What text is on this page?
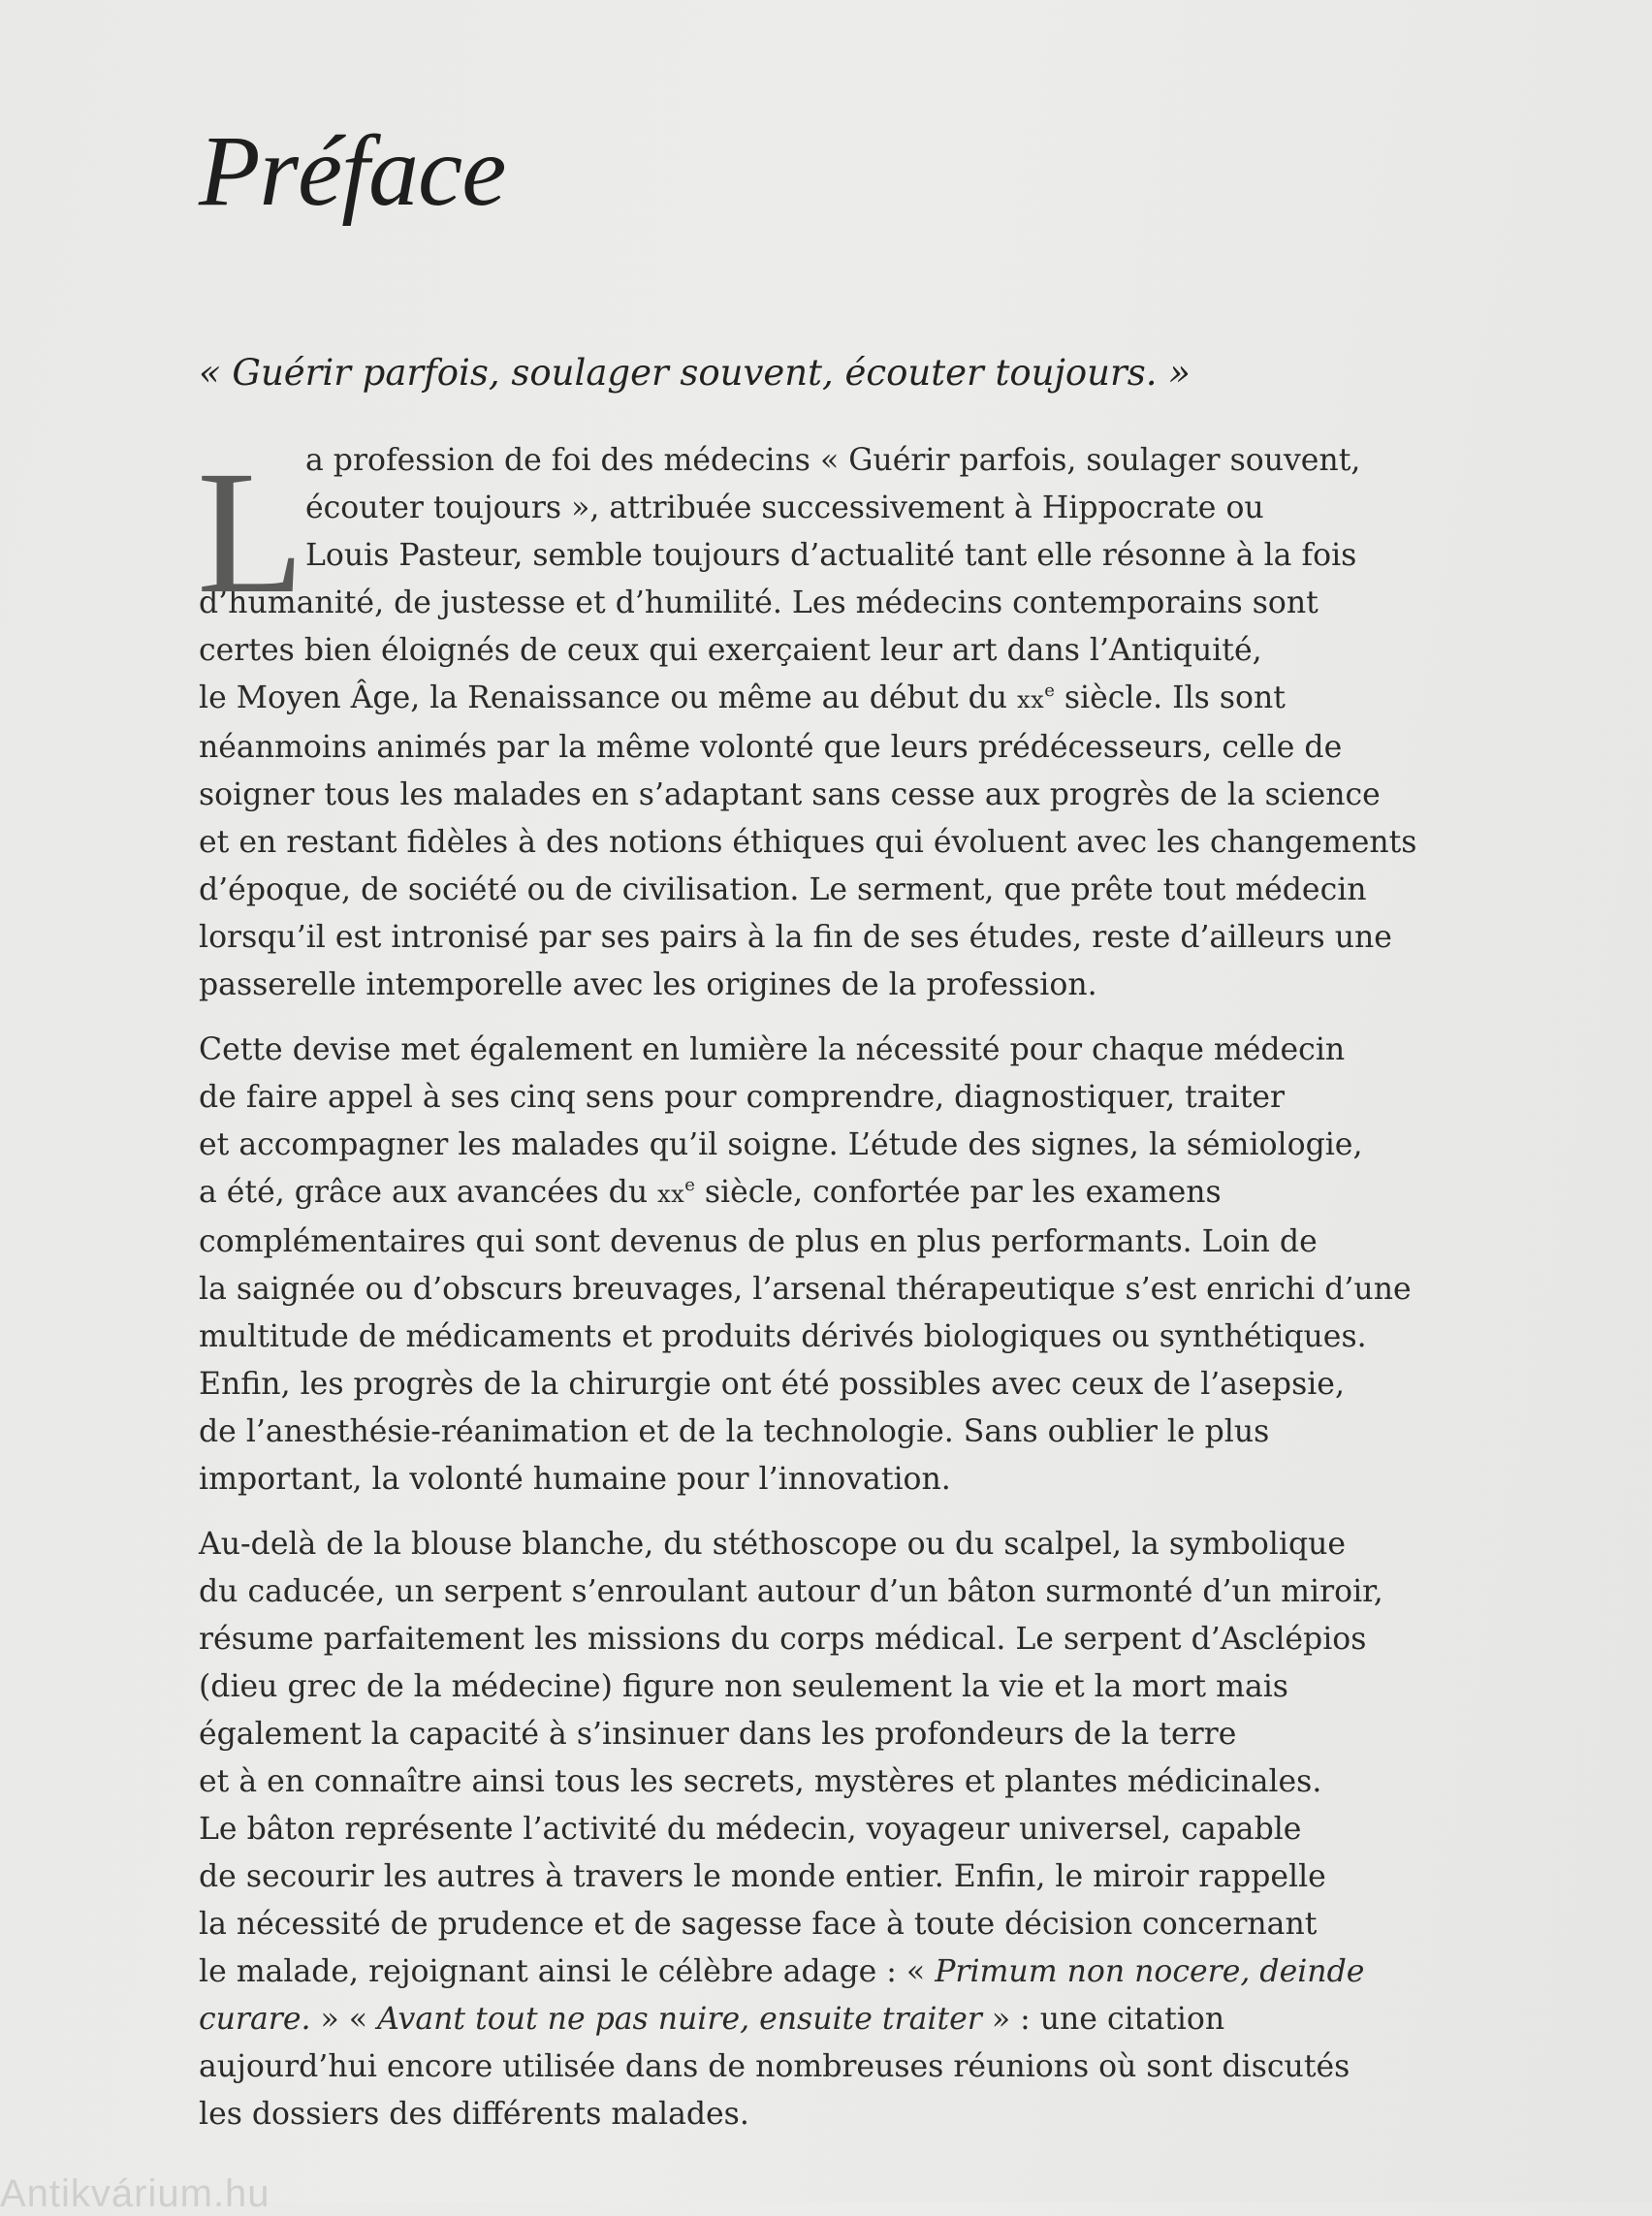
Préface
« Guérir parfois, soulager souvent, écouter toujours. »
L a profession de foi des médecins « Guérir parfois, soulager souvent,
écouter toujours », attribuée successivement à Hippocrate ou
Louis Pasteur, semble toujours d’actualité tant elle résonne à la fois
d’humanité, de justesse et d’humilité. Les médecins contemporains sont
certes bien éloignés de ceux qui exerçaient leur art dans l’Antiquité,
le Moyen Âge, la Renaissance ou même au début du $xx^e$ siècle. Ils sont
néanmoins animés par la même volonté que leurs prédécesseurs, celle de
soigner tous les malades en s’adaptant sans cesse aux progrès de la science
et en restant fidèles à des notions éthiques qui évoluent avec les changements
d’époque, de société ou de civilisation. Le serment, que prête tout médecin
lorsqu’il est intronisé par ses pairs à la fin de ses études, reste d’ailleurs une
passerelle intemporelle avec les origines de la profession.
Cette devise met également en lumière la nécessité pour chaque médecin
de faire appel à ses cinq sens pour comprendre, diagnostiquer, traiter
et accompagner les malades qu’il soigne. L’étude des signes, la sémiologie,
a été, grâce aux avancées du $xx^e$ siècle, confortée par les examens
complémentaires qui sont devenus de plus en plus performants. Loin de
la saignée ou d’obscurs breuvages, l’arsenal thérapeutique s’est enrichi d’une
multitude de médicaments et produits dérivés biologiques ou synthétiques.
Enfin, les progrès de la chirurgie ont été possibles avec ceux de l’asepsie,
de l’anesthésie-réanimation et de la technologie. Sans oublier le plus
important, la volonté humaine pour l’innovation.
Au-delà de la blouse blanche, du stéthoscope ou du scalpel, la symbolique
du caducée, un serpent s’enroulant autour d’un bâton surmonté d’un miroir,
résume parfaitement les missions du corps médical. Le serpent d’Asclépios
(dieu grec de la médecine) figure non seulement la vie et la mort mais
également la capacité à s’insinuer dans les profondeurs de la terre
et à en connaître ainsi tous les secrets, mystères et plantes médicinales.
Le bâton représente l’activité du médecin, voyageur universel, capable
de secourir les autres à travers le monde entier. Enfin, le miroir rappelle
la nécessité de prudence et de sagesse face à toute décision concernant
le malade, rejoignant ainsi le célèbre adage : « Primum non nocere, deinde
curare. » « Avant tout ne pas nuire, ensuite traiter » : une citation
aujourd’hui encore utilisée dans de nombreuses réunions où sont discutés
les dossiers des différents malades.
Antikvárium.hu
